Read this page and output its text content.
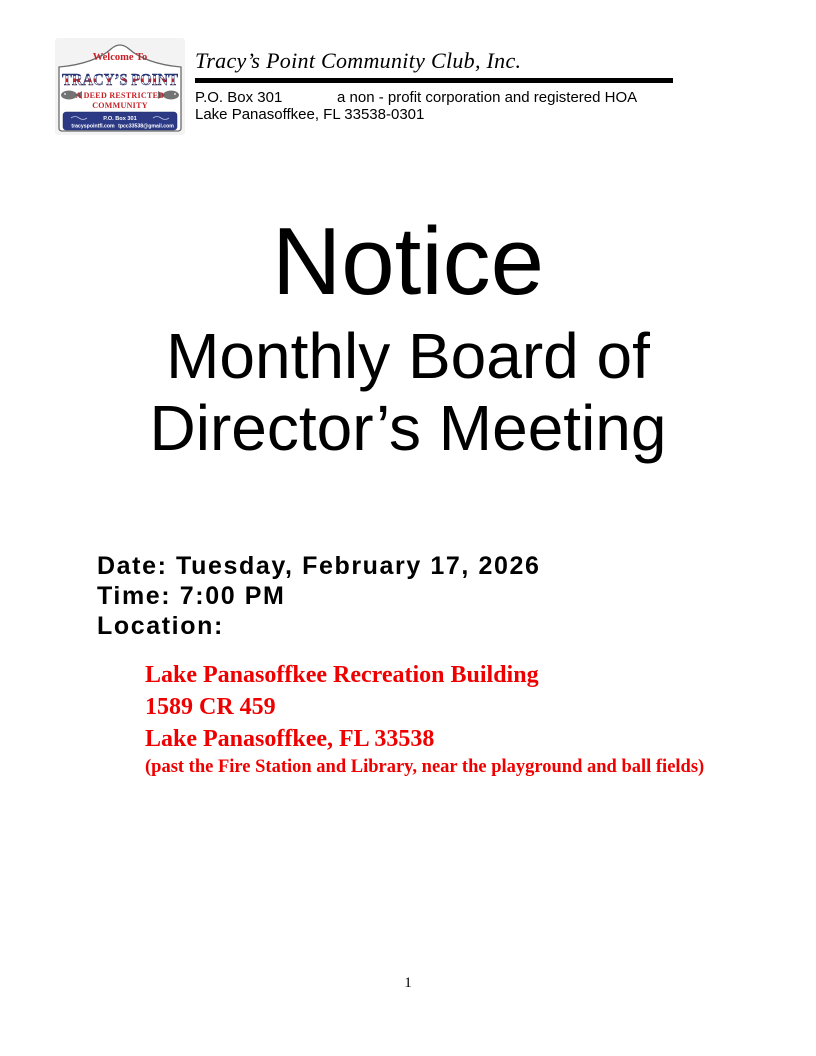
Welcome To
TRACY’S POINT
A DEED RESTRICTED
COMMUNITY
P.O. Box 301
tracyspointfl.com tpcc33538@gmail.com
Tracy’s Point Community Club, Inc.
P.O. Box 301	a non - profit corporation and registered HOA
Lake Panasoffkee, FL 33538-0301
Notice
Monthly Board of
Director’s Meeting
Date: Tuesday, February 17, 2026
Time: 7:00 PM
Location:
Lake Panasoffkee Recreation Building
1589 CR 459
Lake Panasoffkee, FL 33538
(past the Fire Station and Library, near the playground and ball fields)
1
